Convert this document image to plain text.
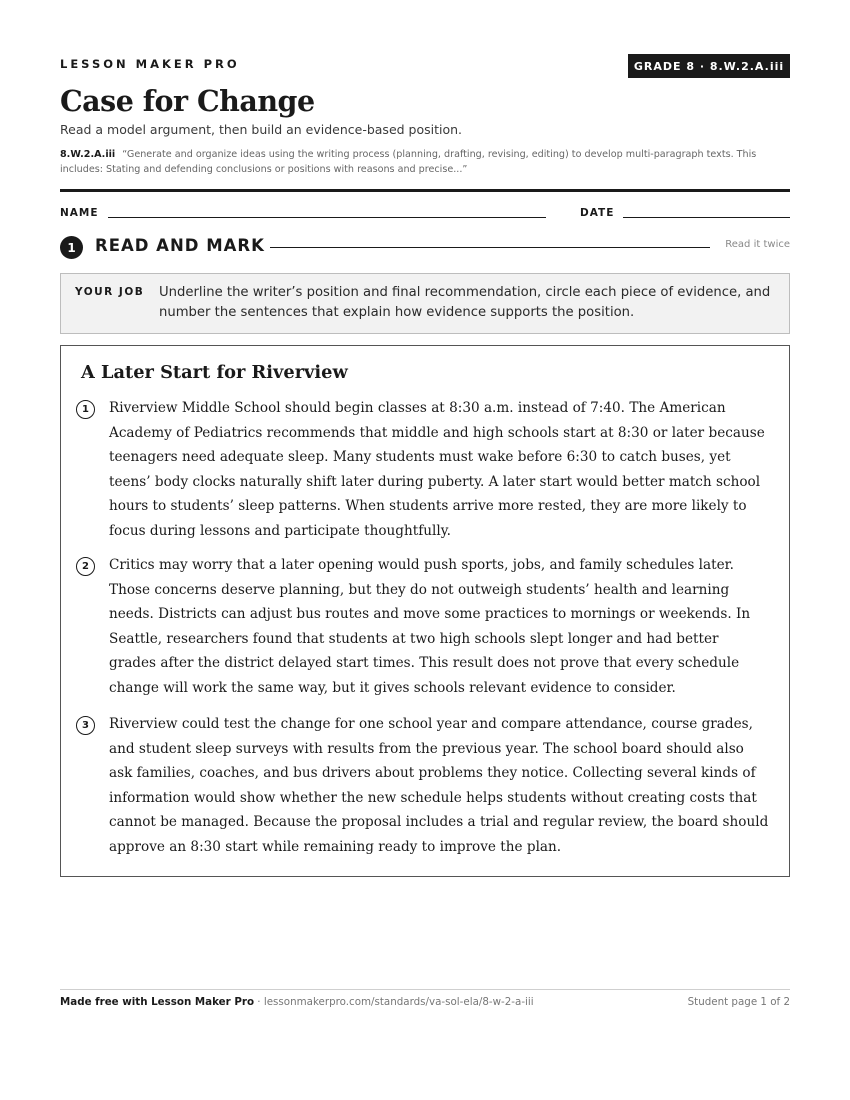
LESSON MAKER PRO	GRADE 8 · 8.W.2.A.iii
Case for Change
Read a model argument, then build an evidence-based position.
8.W.2.A.iii “Generate and organize ideas using the writing process (planning, drafting, revising, editing) to develop multi-paragraph texts. This includes: Stating and defending conclusions or positions with reasons and precise...”
NAME	DATE
1	READ AND MARK	Read it twice
YOUR JOB Underline the writer’s position and final recommendation, circle each piece of evidence, and number the sentences that explain how evidence supports the position.
A Later Start for Riverview
1	Riverview Middle School should begin classes at 8:30 a.m. instead of 7:40. The American Academy of Pediatrics recommends that middle and high schools start at 8:30 or later because teenagers need adequate sleep. Many students must wake before 6:30 to catch buses, yet teens’ body clocks naturally shift later during puberty. A later start would better match school hours to students’ sleep patterns. When students arrive more rested, they are more likely to focus during lessons and participate thoughtfully.

2	Critics may worry that a later opening would push sports, jobs, and family schedules later. Those concerns deserve planning, but they do not outweigh students’ health and learning needs. Districts can adjust bus routes and move some practices to mornings or weekends. In Seattle, researchers found that students at two high schools slept longer and had better grades after the district delayed start times. This result does not prove that every schedule change will work the same way, but it gives schools relevant evidence to consider.

3	Riverview could test the change for one school year and compare attendance, course grades, and student sleep surveys with results from the previous year. The school board should also ask families, coaches, and bus drivers about problems they notice. Collecting several kinds of information would show whether the new schedule helps students without creating costs that cannot be managed. Because the proposal includes a trial and regular review, the board should approve an 8:30 start while remaining ready to improve the plan.

Made free with Lesson Maker Pro · lessonmakerpro.com/standards/va-sol-ela/8-w-2-a-iii	Student page 1 of 2
